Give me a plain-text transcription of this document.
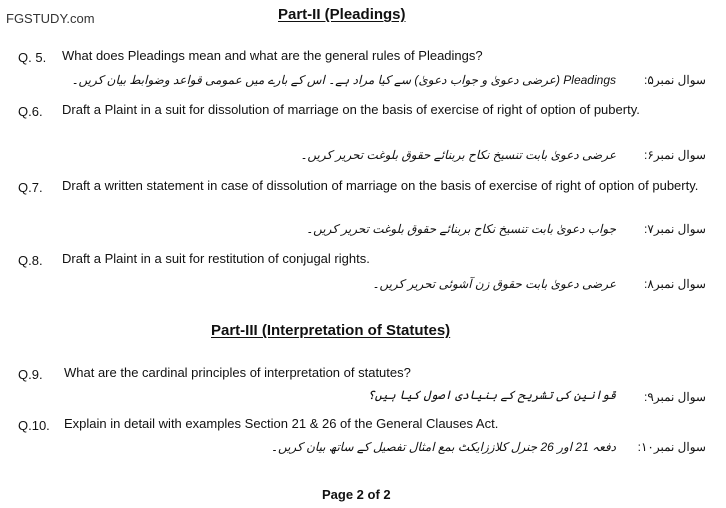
FGSTUDY.com	Part-II (Pleadings)
Q. 5. What does Pleadings mean and what are the general rules of Pleadings?
سوال نمبر۵:
Pleadings (عرضی دعویٰ و جواب دعویٰ) سے کیا مراد ہے۔ اس کے بارے میں عمومی قواعد وضوابط بیان کریں۔
Q.6. Draft a Plaint in a suit for dissolution of marriage on the basis of exercise of right of option of puberty.
سوال نمبر۶:
عرضی دعویٰ بابت تنسیخ نکاح بربنائے حقوق بلوغت تحریر کریں۔
Q.7. Draft a written statement in case of dissolution of marriage on the basis of exercise of right of option of puberty.
سوال نمبر۷:
جواب دعویٰ بابت تنسیخ نکاح بربنائے حقوق بلوغت تحریر کریں۔
Q.8. Draft a Plaint in a suit for restitution of conjugal rights.
سوال نمبر۸:
عرضی دعویٰ بابت حقوق زن آشوئی تحریر کریں۔
Part-III (Interpretation of Statutes)
Q.9. What are the cardinal principles of interpretation of statutes?
سوال نمبر۹:
قوانین کی تشریح کے بنیادی اصول کیا ہیں؟
Q.10. Explain in detail with examples Section 21 & 26 of the General Clauses Act.
سوال نمبر۱۰:
دفعہ 21 اور 26 جنرل کلاززایکٹ بمع امثال تفصیل کے ساتھ بیان کریں۔
Page 2 of 2
